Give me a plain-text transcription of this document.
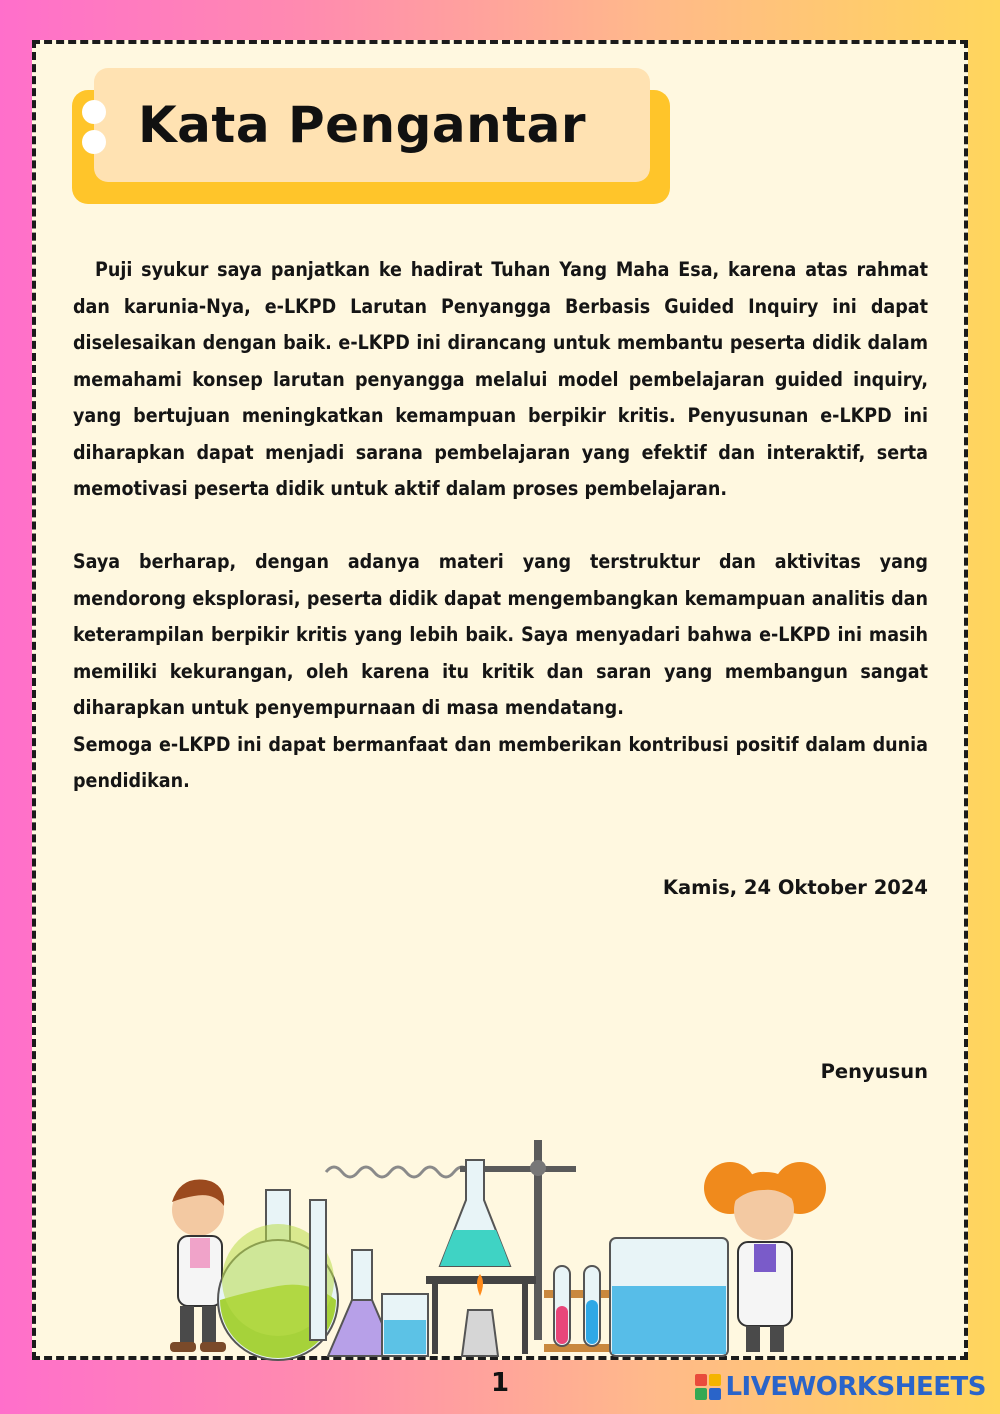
Kata Pengantar

Puji syukur saya panjatkan ke hadirat Tuhan Yang Maha Esa, karena atas rahmat dan karunia-Nya, e-LKPD Larutan Penyangga Berbasis Guided Inquiry ini dapat diselesaikan dengan baik. e-LKPD ini dirancang untuk membantu peserta didik dalam memahami konsep larutan penyangga melalui model pembelajaran guided inquiry, yang bertujuan meningkatkan kemampuan berpikir kritis. Penyusunan e-LKPD ini diharapkan dapat menjadi sarana pembelajaran yang efektif dan interaktif, serta memotivasi peserta didik untuk aktif dalam proses pembelajaran.

Saya berharap, dengan adanya materi yang terstruktur dan aktivitas yang mendorong eksplorasi, peserta didik dapat mengembangkan kemampuan analitis dan keterampilan berpikir kritis yang lebih baik. Saya menyadari bahwa e-LKPD ini masih memiliki kekurangan, oleh karena itu kritik dan saran yang membangun sangat diharapkan untuk penyempurnaan di masa mendatang.

Semoga e-LKPD ini dapat bermanfaat dan memberikan kontribusi positif dalam dunia pendidikan.

Kamis, 24 Oktober 2024
Penyusun
1	LIVEWORKSHEETS
